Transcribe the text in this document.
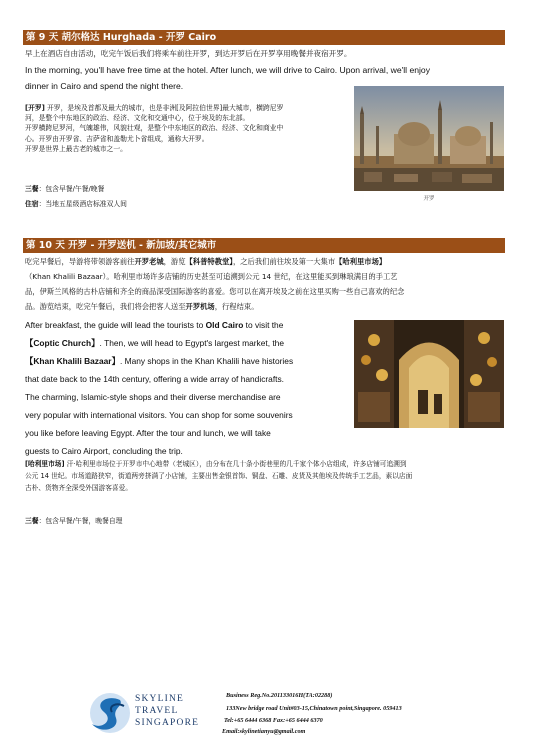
第 9 天 胡尔格达 Hurghada - 开罗 Cairo
早上在酒店自由活动，吃完午饭后我们将乘车前往开罗，到达开罗后在开罗享用晚餐并夜宿开罗。
In the morning, you'll have free time at the hotel. After lunch, we will drive to Cairo. Upon arrival, we'll enjoy
dinner in Cairo and spend the night there.
[开罗] 开罗，是埃及首都及最大的城市，也是非洲[及阿拉伯世界]最大城市，横跨尼罗
河，是整个中东地区的政治、经济、文化和交通中心，位于埃及的东北部。
开罗横跨尼罗河，气魄雄伟，风貌壮观，是整个中东地区的政治、经济、文化和商业中
心。开罗由开罗省、吉萨省和盖勒尤卜省组成，通称大开罗。
开罗是世界上最古老的城市之一。
三餐：包含早餐/午餐/晚餐
住宿：当地五星级酒店标准双人间
开罗
第 10 天 开罗 - 开罗送机 - 新加坡/其它城市
吃完早餐后，导游将带领游客前往开罗老城，游览【科普特教堂】，之后我们前往埃及第一大集市【哈利里市场】
（Khan Khalili Bazaar）。哈利里市场许多店铺的历史甚至可追溯到公元 14 世纪，在这里能买到琳琅满目的手工艺
品，伊斯兰风格的古朴店铺和齐全的商品深受国际游客的喜爱。您可以在离开埃及之前在这里买购一些自己喜欢的纪念
品。游览结束，吃完午餐后，我们将会把客人送至开罗机场，行程结束。
After breakfast, the guide will lead the tourists to Old Cairo to visit the
【Coptic Church】. Then, we will head to Egypt's largest market, the
【Khan Khalili Bazaar】. Many shops in the Khan Khalili have histories
that date back to the 14th century, offering a wide array of handicrafts.
The charming, Islamic-style shops and their diverse merchandise are
very popular with international visitors. You can shop for some souvenirs
you like before leaving Egypt. After the tour and lunch, we will take
guests to Cairo Airport, concluding the trip.
[哈利里市场] 汗·哈利里市场位于开罗市中心地带（老城区），由分布在几十条小街巷里的几千家个体小店组成，许多店铺可追溯到
公元 14 世纪。市场道路狭窄，街道两旁挤满了小店铺，主要出售金银首饰、铜盘、石雕、皮货及其他埃及传统手工艺品，素以店面
古朴、货物齐全深受外国游客喜爱。
三餐：包含早餐/午餐，晚餐自理
SKYLINE
TRAVEL
SINGAPORE
Business Reg.No.201133016H(TA:02288)
133New bridge road Unit#03-15,Chinatown point,Singapore. 059413
Tel:+65 6444 6368 Fax:+65 6444 6370
Email:skylinetianyu@gmail.com
